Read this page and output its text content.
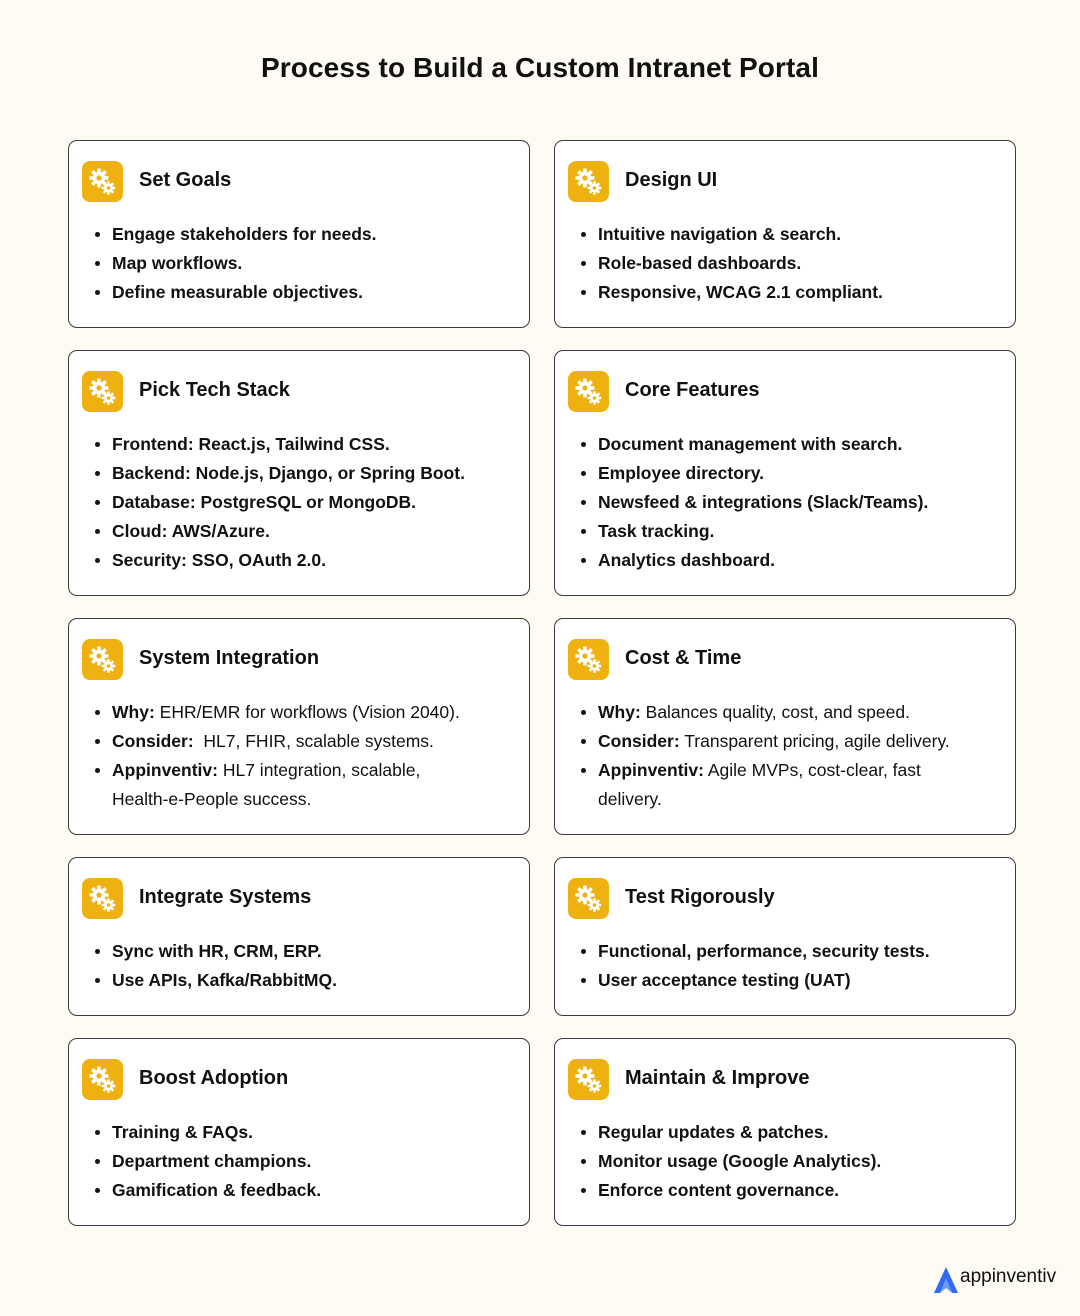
Process to Build a Custom Intranet Portal
Set Goals
Engage stakeholders for needs.
Map workflows.
Define measurable objectives.
Design UI
Intuitive navigation & search.
Role-based dashboards.
Responsive, WCAG 2.1 compliant.
Pick Tech Stack
Frontend: React.js, Tailwind CSS.
Backend: Node.js, Django, or Spring Boot.
Database: PostgreSQL or MongoDB.
Cloud: AWS/Azure.
Security: SSO, OAuth 2.0.
Core Features
Document management with search.
Employee directory.
Newsfeed & integrations (Slack/Teams).
Task tracking.
Analytics dashboard.
System Integration
Why: EHR/EMR for workflows (Vision 2040).
Consider:  HL7, FHIR, scalable systems.
Appinventiv: HL7 integration, scalable, Health-e-People success.
Cost & Time
Why: Balances quality, cost, and speed.
Consider: Transparent pricing, agile delivery.
Appinventiv: Agile MVPs, cost-clear, fast delivery.
Integrate Systems
Sync with HR, CRM, ERP.
Use APIs, Kafka/RabbitMQ.
Test Rigorously
Functional, performance, security tests.
User acceptance testing (UAT)
Boost Adoption
Training & FAQs.
Department champions.
Gamification & feedback.
Maintain & Improve
Regular updates & patches.
Monitor usage (Google Analytics).
Enforce content governance.
appinventiv
